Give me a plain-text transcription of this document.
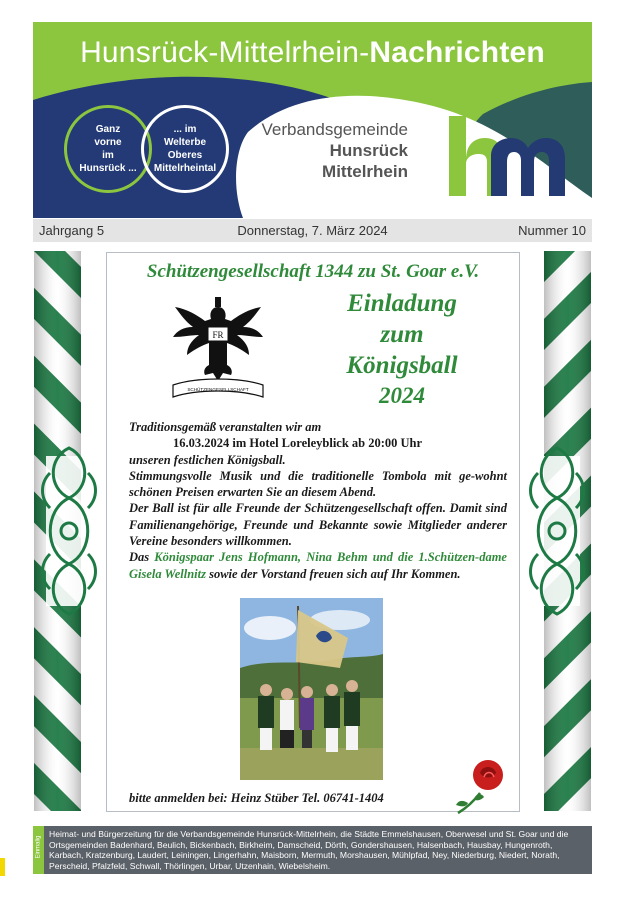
Hunsrück-Mittelrhein-Nachrichten
Ganz
vorne
im
Hunsrück ...
... im
Welterbe
Oberes
Mittelrheintal
Verbandsgemeinde
Hunsrück
Mittelrhein
Jahrgang 5	Donnerstag, 7. März 2024	Nummer 10
Schützengesellschaft 1344 zu St. Goar e.V.
FR
SCHÜTZENGESELLSCHAFT
Einladung
zum
Königsball
2024

Traditionsgemäß veranstalten wir am

16.03.2024 im Hotel Loreleyblick ab 20:00 Uhr

unseren festlichen Königsball.

Stimmungsvolle Musik und die traditionelle Tombola mit ge-wohnt schönen Preisen erwarten Sie an diesem Abend.

Der Ball ist für alle Freunde der Schützengesellschaft offen. Damit sind Familienangehörige, Freunde und Bekannte sowie Mitglieder anderer Vereine besonders willkommen.

Das Königspaar Jens Hofmann, Nina Behm und die 1.Schützen-dame Gisela Wellnitz sowie der Vorstand freuen sich auf Ihr Kommen.

bitte anmelden bei: Heinz Stüber Tel. 06741-1404
Einmalig
Heimat- und Bürgerzeitung für die Verbandsgemeinde Hunsrück-Mittelrhein, die Städte Emmelshausen, Oberwesel und St. Goar und die Ortsgemeinden Badenhard, Beulich, Bickenbach, Birkheim, Damscheid, Dörth, Gondershausen, Halsenbach, Hausbay, Hungenroth, Karbach, Kratzenburg, Laudert, Leiningen, Lingerhahn, Maisborn, Mermuth, Morshausen, Mühlpfad, Ney, Niederburg, Niedert, Norath, Perscheid, Pfalzfeld, Schwall, Thörlingen, Urbar, Utzenhain, Wiebelsheim.
